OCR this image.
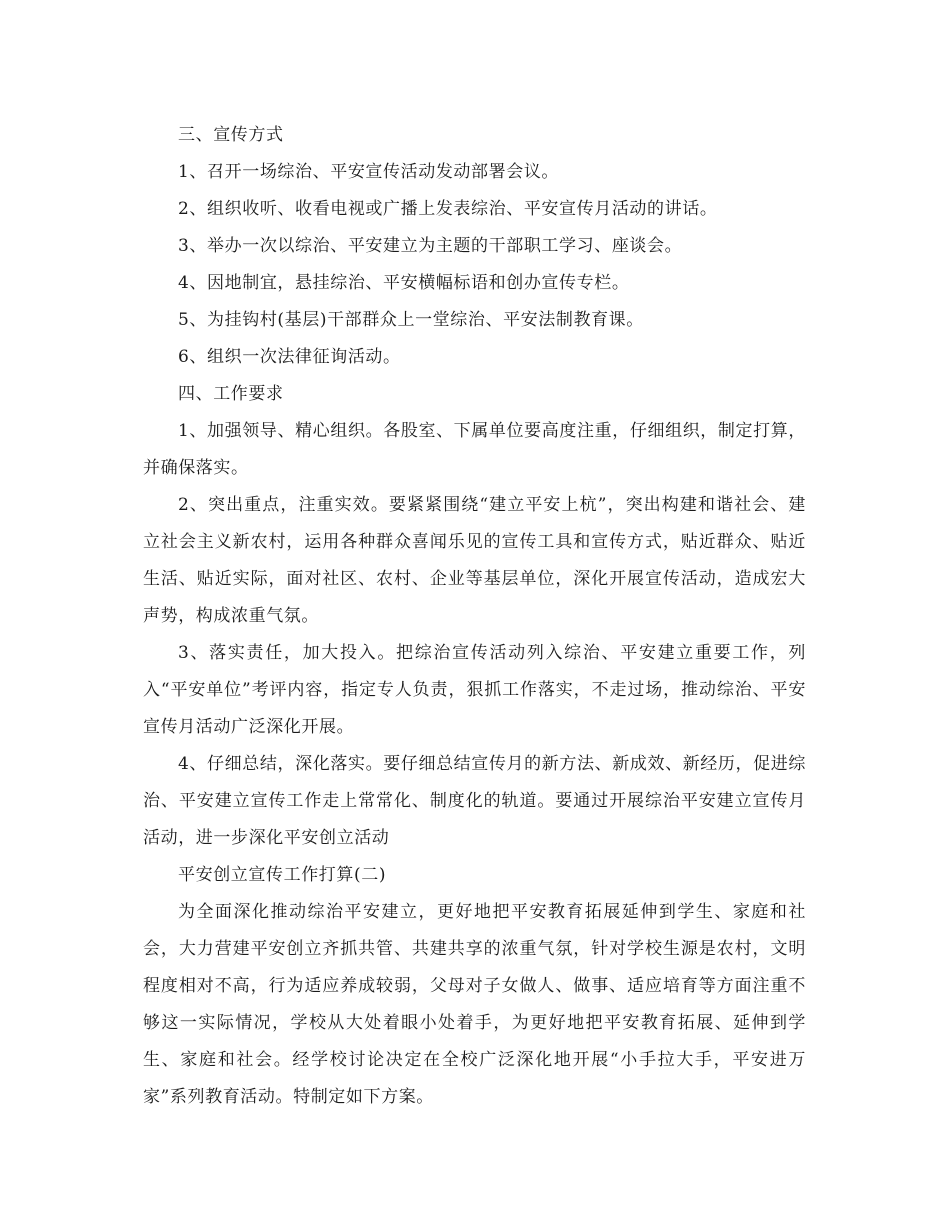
三、宣传方式

1、召开一场综治、平安宣传活动发动部署会议。

2、组织收听、收看电视或广播上发表综治、平安宣传月活动的讲话。

3、举办一次以综治、平安建立为主题的干部职工学习、座谈会。

4、因地制宜，悬挂综治、平安横幅标语和创办宣传专栏。

5、为挂钩村(基层)干部群众上一堂综治、平安法制教育课。

6、组织一次法律征询活动。

四、工作要求

1、加强领导、精心组织。各股室、下属单位要高度注重，仔细组织，制定打算，并确保落实。

2、突出重点，注重实效。要紧紧围绕“建立平安上杭”，突出构建和谐社会、建立社会主义新农村，运用各种群众喜闻乐见的宣传工具和宣传方式，贴近群众、贴近生活、贴近实际，面对社区、农村、企业等基层单位，深化开展宣传活动，造成宏大声势，构成浓重气氛。

3、落实责任，加大投入。把综治宣传活动列入综治、平安建立重要工作，列入“平安单位”考评内容，指定专人负责，狠抓工作落实，不走过场，推动综治、平安宣传月活动广泛深化开展。

4、仔细总结，深化落实。要仔细总结宣传月的新方法、新成效、新经历，促进综治、平安建立宣传工作走上常常化、制度化的轨道。要通过开展综治平安建立宣传月活动，进一步深化平安创立活动

平安创立宣传工作打算(二)

为全面深化推动综治平安建立，更好地把平安教育拓展延伸到学生、家庭和社会，大力营建平安创立齐抓共管、共建共享的浓重气氛，针对学校生源是农村，文明程度相对不高，行为适应养成较弱，父母对子女做人、做事、适应培育等方面注重不够这一实际情况，学校从大处着眼小处着手，为更好地把平安教育拓展、延伸到学生、家庭和社会。经学校讨论决定在全校广泛深化地开展“小手拉大手，平安进万家”系列教育活动。特制定如下方案。
